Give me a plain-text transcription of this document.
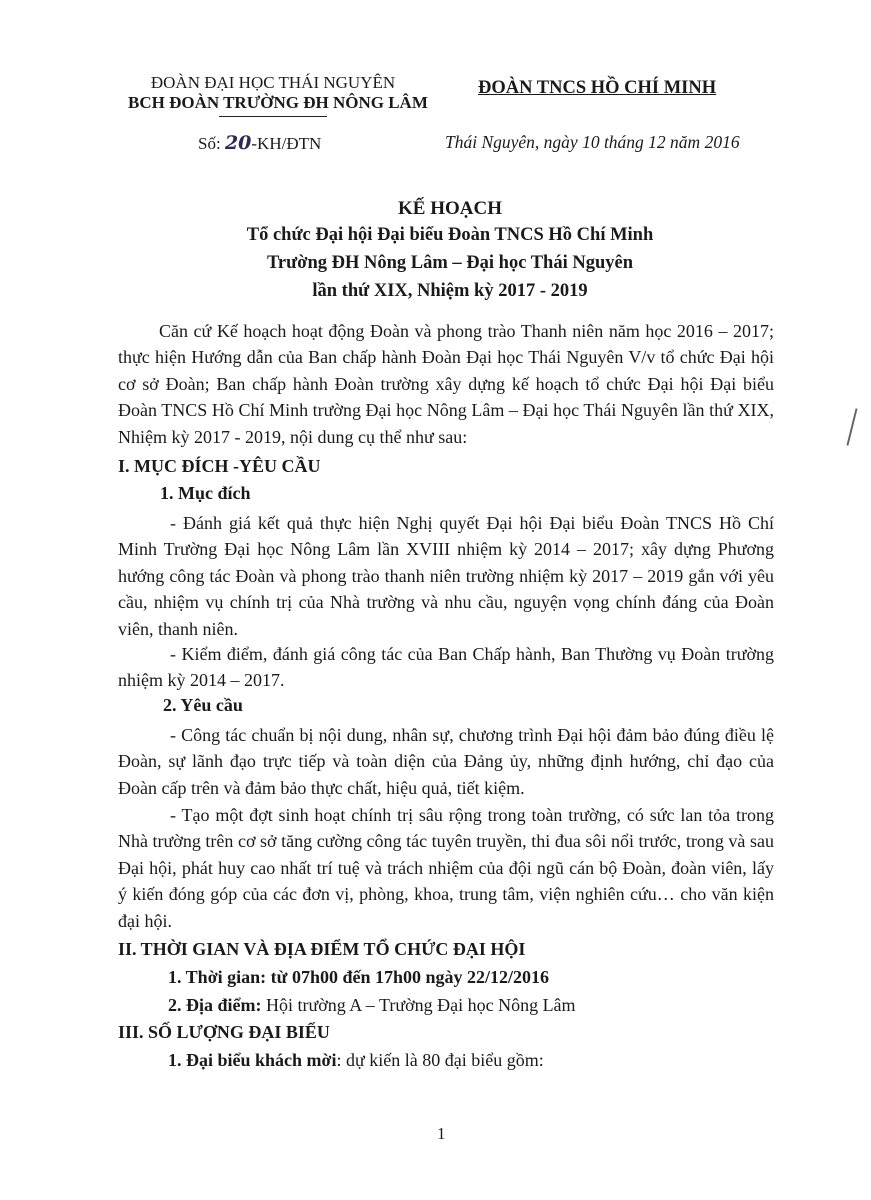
ĐOÀN ĐẠI HỌC THÁI NGUYÊN
BCH ĐOÀN TRƯỜNG ĐH NÔNG LÂM
ĐOÀN TNCS HỒ CHÍ MINH
Số: 20-KH/ĐTN	Thái Nguyên, ngày 10 tháng 12 năm 2016
KẾ HOẠCH
Tổ chức Đại hội Đại biểu Đoàn TNCS Hồ Chí Minh
Trường ĐH Nông Lâm – Đại học Thái Nguyên
lần thứ XIX, Nhiệm kỳ 2017 - 2019
Căn cứ Kế hoạch hoạt động Đoàn và phong trào Thanh niên năm học 2016 – 2017; thực hiện Hướng dẫn của Ban chấp hành Đoàn Đại học Thái Nguyên V/v tổ chức Đại hội cơ sở Đoàn; Ban chấp hành Đoàn trường xây dựng kế hoạch tổ chức Đại hội Đại biểu Đoàn TNCS Hồ Chí Minh trường Đại học Nông Lâm – Đại học Thái Nguyên lần thứ XIX, Nhiệm kỳ 2017 - 2019, nội dung cụ thể như sau:
I. MỤC ĐÍCH -YÊU CẦU
1. Mục đích
- Đánh giá kết quả thực hiện Nghị quyết Đại hội Đại biểu Đoàn TNCS Hồ Chí Minh Trường Đại học Nông Lâm lần XVIII nhiệm kỳ 2014 – 2017; xây dựng Phương hướng công tác Đoàn và phong trào thanh niên trường nhiệm kỳ 2017 – 2019 gắn với yêu cầu, nhiệm vụ chính trị của Nhà trường và nhu cầu, nguyện vọng chính đáng của Đoàn viên, thanh niên.
- Kiểm điểm, đánh giá công tác của Ban Chấp hành, Ban Thường vụ Đoàn trường nhiệm kỳ 2014 – 2017.
2. Yêu cầu
- Công tác chuẩn bị nội dung, nhân sự, chương trình Đại hội đảm bảo đúng điều lệ Đoàn, sự lãnh đạo trực tiếp và toàn diện của Đảng ủy, những định hướng, chỉ đạo của Đoàn cấp trên và đảm bảo thực chất, hiệu quả, tiết kiệm.
- Tạo một đợt sinh hoạt chính trị sâu rộng trong toàn trường, có sức lan tỏa trong Nhà trường trên cơ sở tăng cường công tác tuyên truyền, thi đua sôi nổi trước, trong và sau Đại hội, phát huy cao nhất trí tuệ và trách nhiệm của đội ngũ cán bộ Đoàn, đoàn viên, lấy ý kiến đóng góp của các đơn vị, phòng, khoa, trung tâm, viện nghiên cứu… cho văn kiện đại hội.
II. THỜI GIAN VÀ ĐỊA ĐIỂM TỔ CHỨC ĐẠI HỘI
1. Thời gian: từ 07h00 đến 17h00 ngày 22/12/2016
2. Địa điểm: Hội trường A – Trường Đại học Nông Lâm
III. SỐ LƯỢNG ĐẠI BIỂU
1. Đại biểu khách mời: dự kiến là 80 đại biểu gồm:
1
